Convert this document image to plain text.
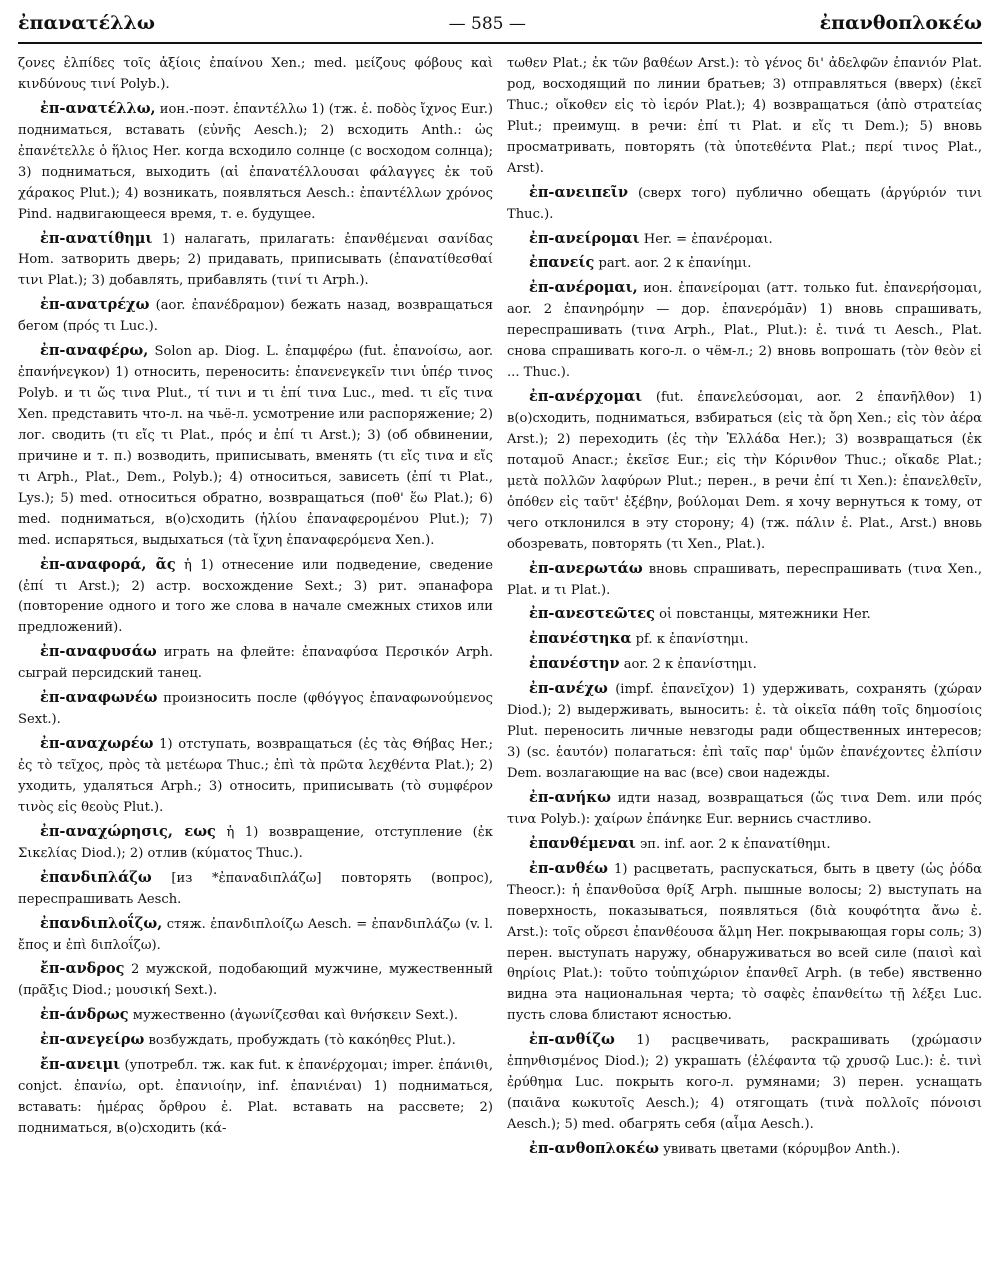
ἐπανατέλλω	— 585 —	ἐπανθοπλοκέω

ζονες ἐλπίδες τοῖς ἀξίοις ἐπαίνου Xen.; med. μείζους φόβους καὶ κινδύνους τινί Polyb.).

ἐπ-ανατέλλω, ион.-поэт. ἐπαντέλλω 1) (тж. ἐ. ποδὸς ἴχνος Eur.) подниматься, вставать (εὐνῆς Aesch.); 2) всходить Anth.: ὡς ἐπανέτελλε ὁ ἥλιος Her. когда всходило солнце (с восходом солнца); 3) подниматься, выходить (αἱ ἐπανατέλλουσαι φάλαγγες ἐκ τοῦ χάρακος Plut.); 4) возникать, появляться Aesch.: ἐπαντέλλων χρόνος Pind. надвигающееся время, т. е. будущее.

ἐπ-ανατίθημι 1) налагать, прилагать: ἐπανθέμεναι σανίδας Hom. затворить дверь; 2) придавать, приписывать (ἐπανατίθεσθαί τινι Plat.); 3) добавлять, прибавлять (τινί τι Arph.).

ἐπ-ανατρέχω (aor. ἐπανέδραμον) бежать назад, возвращаться бегом (πρός τι Luc.).

ἐπ-αναφέρω, Solon ap. Diog. L. ἐπαμφέρω (fut. ἐπανοίσω, aor. ἐπανήνεγκον) 1) относить, переносить: ἐπανενεγκεῖν τινι ὑπέρ τινος Polyb. и τι ὥς τινα Plut., τί τινι и τι ἐπί τινα Luc., med. τι εἴς τινα Xen. представить что-л. на чьё-л. усмотрение или распоряжение; 2) лог. сводить (τι εἴς τι Plat., πρός и ἐπί τι Arst.); 3) (об обвинении, причине и т. п.) возводить, приписывать, вменять (τι εἴς τινα и εἴς τι Arph., Plat., Dem., Polyb.); 4) относиться, зависеть (ἐπί τι Plat., Lys.); 5) med. относиться обратно, возвращаться (ποθ' ἕω Plat.); 6) med. подниматься, в(о)сходить (ἡλίου ἐπαναφερομένου Plut.); 7) med. испаряться, выдыхаться (τὰ ἴχνη ἐπαναφερόμενα Xen.).

ἐπ-αναφορά, ᾶς ἡ 1) отнесение или подведение, сведение (ἐπί τι Arst.); 2) астр. восхождение Sext.; 3) рит. эпанафора (повторение одного и того же слова в начале смежных стихов или предложений).

ἐπ-αναφυσάω играть на флейте: ἐπαναφύσα Περσικόν Arph. сыграй персидский танец.

ἐπ-αναφωνέω произносить после (φθόγγος ἐπαναφωνούμενος Sext.).

ἐπ-αναχωρέω 1) отступать, возвращаться (ἐς τὰς Θήβας Her.; ἐς τὸ τεῖχος, πρὸς τὰ μετέωρα Thuc.; ἐπὶ τὰ πρῶτα λεχθέντα Plat.); 2) уходить, удаляться Arph.; 3) относить, приписывать (τὸ συμφέρον τινὸς εἰς θεοὺς Plut.).

ἐπ-αναχώρησις, εως ἡ 1) возвращение, отступление (ἐκ Σικελίας Diod.); 2) отлив (κύματος Thuc.).

ἐπανδιπλάζω [из *ἐπαναδιπλάζω] повторять (вопрос), переспрашивать Aesch.

ἐπανδιπλοΐζω, стяж. ἐπανδιπλοίζω Aesch. = ἐπανδιπλάζω (v. l. ἔπος и ἐπὶ διπλοΐζω).

ἔπ-ανδρος 2 мужской, подобающий мужчине, мужественный (πρᾶξις Diod.; μουσική Sext.).

ἐπ-άνδρως мужественно (ἀγωνίζεσθαι καὶ θνήσκειν Sext.).

ἐπ-ανεγείρω возбуждать, пробуждать (τὸ κακόηθες Plut.).

ἔπ-ανειμι (употребл. тж. как fut. к ἐπανέρχομαι; imper. ἐπάνιθι, conjct. ἐπανίω, opt. ἐπανιοίην, inf. ἐπανιέναι) 1) подниматься, вставать: ἡμέρας ὄρθρου ἐ. Plat. вставать на рассвете; 2) подниматься, в(о)сходить (κά-

τωθεν Plat.; ἐκ τῶν βαθέων Arst.): τὸ γένος δι' ἀδελφῶν ἐπανιόν Plat. род, восходящий по линии братьев; 3) отправляться (вверх) (ἐκεῖ Thuc.; οἴκοθεν εἰς τὸ ἱερόν Plat.); 4) возвращаться (ἀπὸ στρατείας Plut.; преимущ. в речи: ἐπί τι Plat. и εἴς τι Dem.); 5) вновь просматривать, повторять (τὰ ὑποτεθέντα Plat.; περί τινος Plat., Arst).

ἐπ-ανειπεῖν (сверх того) публично обещать (ἀργύριόν τινι Thuc.).

ἐπ-ανείρομαι Her. = ἐπανέρομαι.

ἐπανείς part. aor. 2 к ἐπανίημι.

ἐπ-ανέρομαι, ион. ἐπανείρομαι (атт. только fut. ἐπανερήσομαι, aor. 2 ἐπανηρόμην — дор. ἐπανερόμᾱν) 1) вновь спрашивать, переспрашивать (τινα Arph., Plat., Plut.): ἐ. τινά τι Aesch., Plat. снова спрашивать кого-л. о чём-л.; 2) вновь вопрошать (τὸν θεὸν εἰ ... Thuc.).

ἐπ-ανέρχομαι (fut. ἐπανελεύσομαι, aor. 2 ἐπανῆλθον) 1) в(о)сходить, подниматься, взбираться (εἰς τὰ ὄρη Xen.; εἰς τὸν ἀέρα Arst.); 2) переходить (ἐς τὴν Ἑλλάδα Her.); 3) возвращаться (ἐκ ποταμοῦ Anacr.; ἐκεῖσε Eur.; εἰς τὴν Κόρινθον Thuc.; οἴκαδε Plat.; μετὰ πολλῶν λαφύρων Plut.; перен., в речи ἐπί τι Xen.): ἐπανελθεῖν, ὁπόθεν εἰς ταῦτ' ἐξέβην, βούλομαι Dem. я хочу вернуться к тому, от чего отклонился в эту сторону; 4) (тж. πάλιν ἐ. Plat., Arst.) вновь обозревать, повторять (τι Xen., Plat.).

ἐπ-ανερωτάω вновь спрашивать, переспрашивать (τινα Xen., Plat. и τι Plat.).

ἐπ-ανεστεῶτες οἱ повстанцы, мятежники Her.

ἐπανέστηκα pf. к ἐπανίστημι.

ἐπανέστην aor. 2 к ἐπανίστημι.

ἐπ-ανέχω (impf. ἐπανεῖχον) 1) удерживать, сохранять (χώραν Diod.); 2) выдерживать, выносить: ἐ. τὰ οἰκεῖα πάθη τοῖς δημοσίοις Plut. переносить личные невзгоды ради общественных интересов; 3) (sc. ἑαυτόν) полагаться: ἐπὶ ταῖς παρ' ὑμῶν ἐπανέχοντες ἐλπίσιν Dem. возлагающие на вас (все) свои надежды.

ἐπ-ανήκω идти назад, возвращаться (ὥς τινα Dem. или πρός τινα Polyb.): χαίρων ἐπάνηκε Eur. вернись счастливо.

ἐπανθέμεναι эп. inf. aor. 2 к ἐπανατίθημι.

ἐπ-ανθέω 1) расцветать, распускаться, быть в цвету (ὡς ῥόδα Theocr.): ἡ ἐπανθοῦσα θρίξ Arph. пышные волосы; 2) выступать на поверхность, показываться, появляться (διὰ κουφότητα ἄνω ἐ. Arst.): τοῖς οὔρεσι ἐπανθέουσα ἅλμη Her. покрывающая горы соль; 3) перен. выступать наружу, обнаруживаться во всей силе (παισὶ καὶ θηρίοις Plat.): τοῦτο τοὐπιχώριον ἐπανθεῖ Arph. (в тебе) явственно видна эта национальная черта; τὸ σαφὲς ἐπανθείτω τῇ λέξει Luc. пусть слова блистают ясностью.

ἐπ-ανθίζω 1) расцвечивать, раскрашивать (χρώμασιν ἐπηνθισμένος Diod.); 2) украшать (ἐλέφαντα τῷ χρυσῷ Luc.): ἐ. τινὶ ἐρύθημα Luc. покрыть кого-л. румянами; 3) перен. уснащать (παιᾶνα κωκυτοῖς Aesch.); 4) отягощать (τινὰ πολλοῖς πόνοισι Aesch.); 5) med. обагрять себя (αἷμα Aesch.).

ἐπ-ανθοπλοκέω увивать цветами (κόρυμβον Anth.).
